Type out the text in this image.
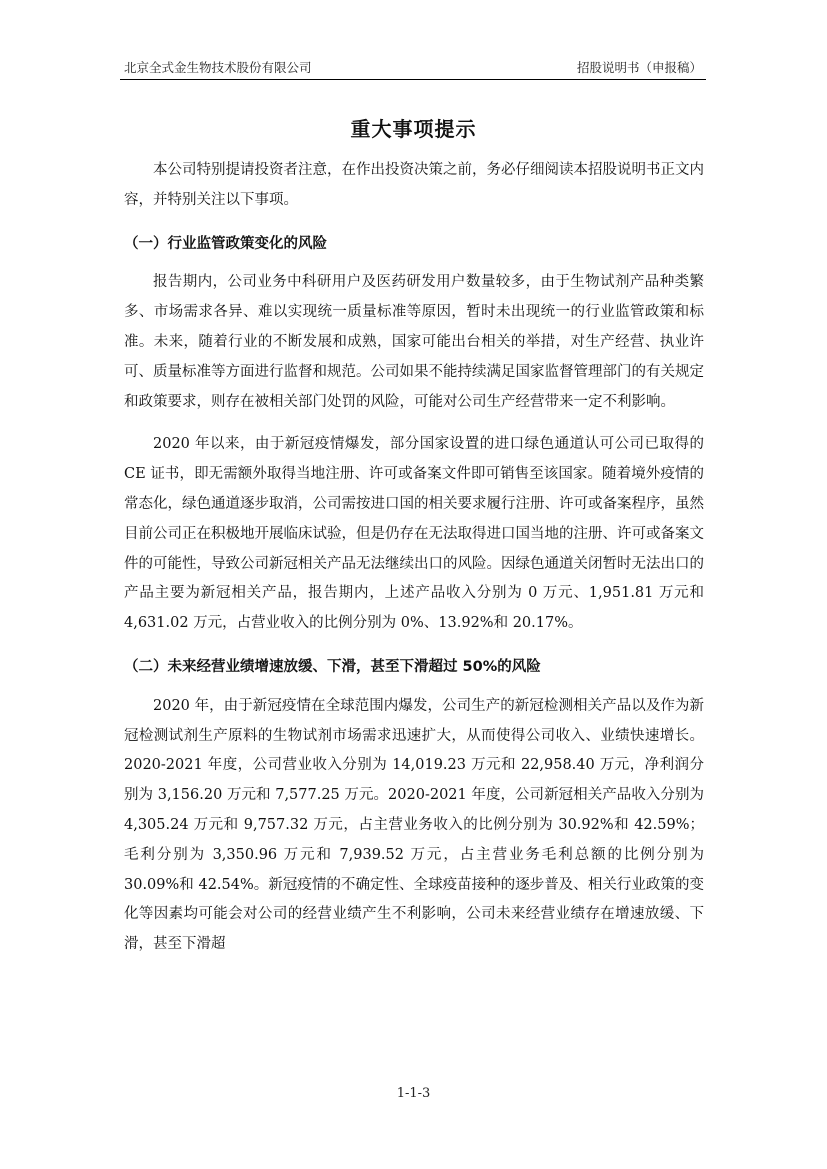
北京全式金生物技术股份有限公司	招股说明书（申报稿）
重大事项提示

本公司特别提请投资者注意，在作出投资决策之前，务必仔细阅读本招股说明书正文内容，并特别关注以下事项。

（一）行业监管政策变化的风险

报告期内，公司业务中科研用户及医药研发用户数量较多，由于生物试剂产品种类繁多、市场需求各异、难以实现统一质量标准等原因，暂时未出现统一的行业监管政策和标准。未来，随着行业的不断发展和成熟，国家可能出台相关的举措，对生产经营、执业许可、质量标准等方面进行监督和规范。公司如果不能持续满足国家监督管理部门的有关规定和政策要求，则存在被相关部门处罚的风险，可能对公司生产经营带来一定不利影响。

2020 年以来，由于新冠疫情爆发，部分国家设置的进口绿色通道认可公司已取得的 CE 证书，即无需额外取得当地注册、许可或备案文件即可销售至该国家。随着境外疫情的常态化，绿色通道逐步取消，公司需按进口国的相关要求履行注册、许可或备案程序，虽然目前公司正在积极地开展临床试验，但是仍存在无法取得进口国当地的注册、许可或备案文件的可能性，导致公司新冠相关产品无法继续出口的风险。因绿色通道关闭暂时无法出口的产品主要为新冠相关产品，报告期内，上述产品收入分别为 0 万元、1,951.81 万元和 4,631.02 万元，占营业收入的比例分别为 0%、13.92%和 20.17%。

（二）未来经营业绩增速放缓、下滑，甚至下滑超过 50%的风险

2020 年，由于新冠疫情在全球范围内爆发，公司生产的新冠检测相关产品以及作为新冠检测试剂生产原料的生物试剂市场需求迅速扩大，从而使得公司收入、业绩快速增长。2020-2021 年度，公司营业收入分别为 14,019.23 万元和 22,958.40 万元，净利润分别为 3,156.20 万元和 7,577.25 万元。2020-2021 年度，公司新冠相关产品收入分别为 4,305.24 万元和 9,757.32 万元，占主营业务收入的比例分别为 30.92%和 42.59%；毛利分别为 3,350.96 万元和 7,939.52 万元，占主营业务毛利总额的比例分别为 30.09%和 42.54%。新冠疫情的不确定性、全球疫苗接种的逐步普及、相关行业政策的变化等因素均可能会对公司的经营业绩产生不利影响，公司未来经营业绩存在增速放缓、下滑，甚至下滑超

1-1-3
